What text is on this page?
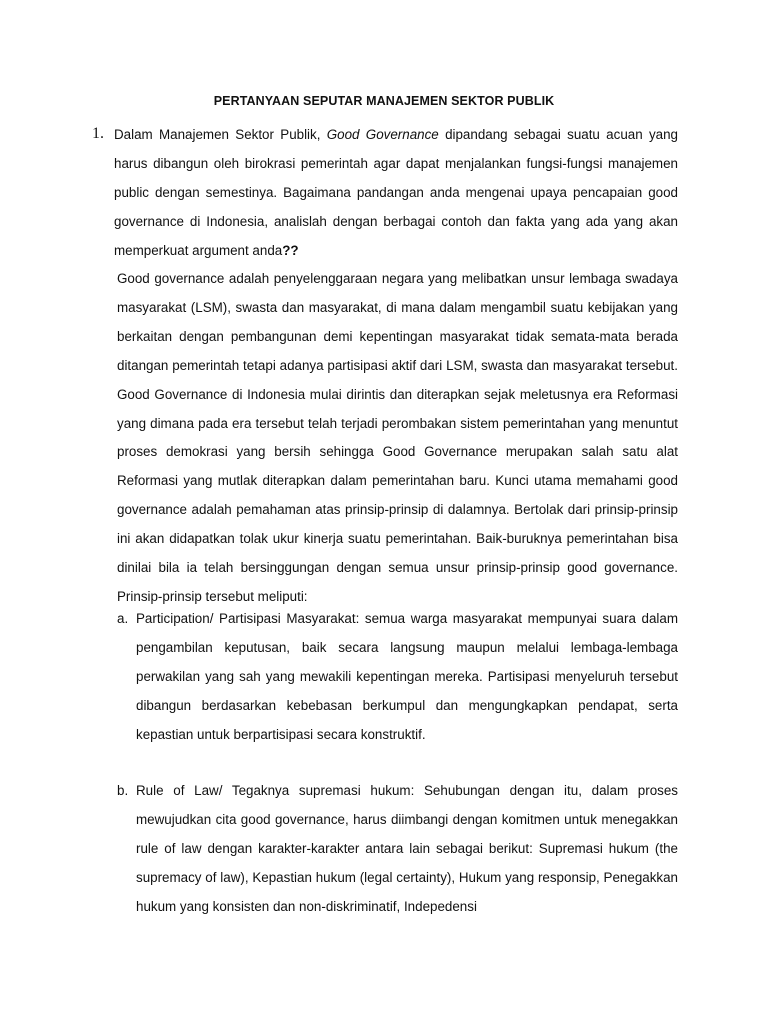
PERTANYAAN SEPUTAR MANAJEMEN SEKTOR PUBLIK
1. Dalam Manajemen Sektor Publik, Good Governance dipandang sebagai suatu acuan yang harus dibangun oleh birokrasi pemerintah agar dapat menjalankan fungsi-fungsi manajemen public dengan semestinya. Bagaimana pandangan anda mengenai upaya pencapaian good governance di Indonesia, analislah dengan berbagai contoh dan fakta yang ada yang akan memperkuat argument anda??
Good governance adalah penyelenggaraan negara yang melibatkan unsur lembaga swadaya masyarakat (LSM), swasta dan masyarakat, di mana dalam mengambil suatu kebijakan yang berkaitan dengan pembangunan demi kepentingan masyarakat tidak semata-mata berada ditangan pemerintah tetapi adanya partisipasi aktif dari LSM, swasta dan masyarakat tersebut. Good Governance di Indonesia mulai dirintis dan diterapkan sejak meletusnya era Reformasi yang dimana pada era tersebut telah terjadi perombakan sistem pemerintahan yang menuntut proses demokrasi yang bersih sehingga Good Governance merupakan salah satu alat Reformasi yang mutlak diterapkan dalam pemerintahan baru. Kunci utama memahami good governance adalah pemahaman atas prinsip-prinsip di dalamnya. Bertolak dari prinsip-prinsip ini akan didapatkan tolak ukur kinerja suatu pemerintahan. Baik-buruknya pemerintahan bisa dinilai bila ia telah bersinggungan dengan semua unsur prinsip-prinsip good governance. Prinsip-prinsip tersebut meliputi:
a. Participation/ Partisipasi Masyarakat: semua warga masyarakat mempunyai suara dalam pengambilan keputusan, baik secara langsung maupun melalui lembaga-lembaga perwakilan yang sah yang mewakili kepentingan mereka. Partisipasi menyeluruh tersebut dibangun berdasarkan kebebasan berkumpul dan mengungkapkan pendapat, serta kepastian untuk berpartisipasi secara konstruktif.
b. Rule of Law/ Tegaknya supremasi hukum: Sehubungan dengan itu, dalam proses mewujudkan cita good governance, harus diimbangi dengan komitmen untuk menegakkan rule of law dengan karakter-karakter antara lain sebagai berikut: Supremasi hukum (the supremacy of law), Kepastian hukum (legal certainty), Hukum yang responsip, Penegakkan hukum yang konsisten dan non-diskriminatif, Indepedensi
